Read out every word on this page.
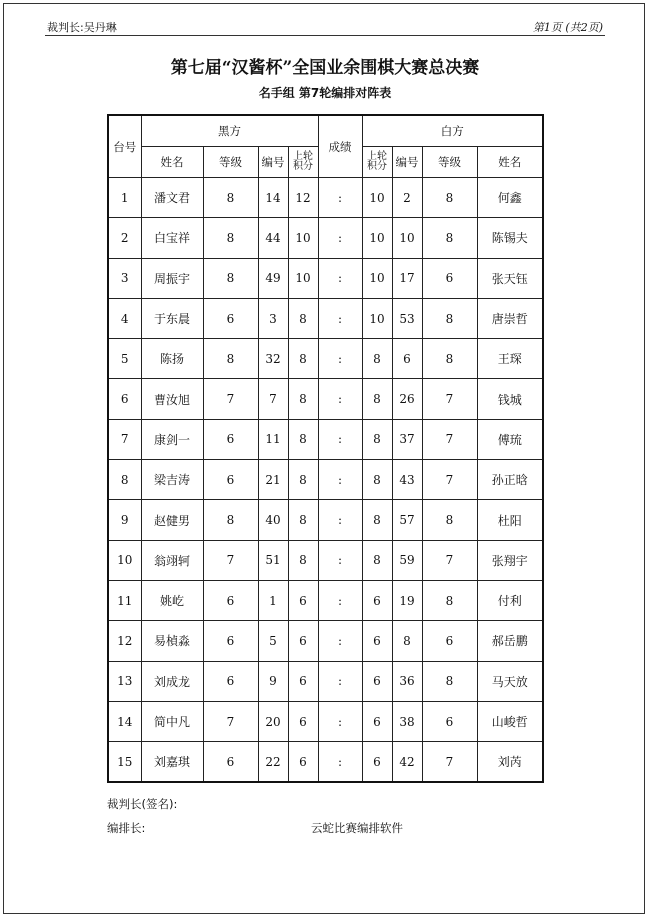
裁判长:吴丹琳	第1页 (共2页)
第七届“汉酱杯”全国业余围棋大赛总决赛
名手组 第7轮编排对阵表
台号	黑方				成绩	白方			
	姓名	等级	编号	上轮积分		上轮积分	编号	等级	姓名
1	潘文君	8	14	12	:	10	2	8	何鑫
2	白宝祥	8	44	10	:	10	10	8	陈锡夫
3	周振宇	8	49	10	:	10	17	6	张天钰
4	于东晨	6	3	8	:	10	53	8	唐崇哲
5	陈扬	8	32	8	:	8	6	8	王琛
6	曹汝旭	7	7	8	:	8	26	7	钱城
7	康剑一	6	11	8	:	8	37	7	傅琉
8	梁吉涛	6	21	8	:	8	43	7	孙正晗
9	赵健男	8	40	8	:	8	57	8	杜阳
10	翁翊轲	7	51	8	:	8	59	7	张翔宇
11	姚屹	6	1	6	:	6	19	8	付利
12	易楨淼	6	5	6	:	6	8	6	郝岳鹏
13	刘成龙	6	9	6	:	6	36	8	马天放
14	简中凡	7	20	6	:	6	38	6	山峻哲
15	刘嘉琪	6	22	6	:	6	42	7	刘芮
裁判长(签名):
编排长:	云蛇比赛编排软件
